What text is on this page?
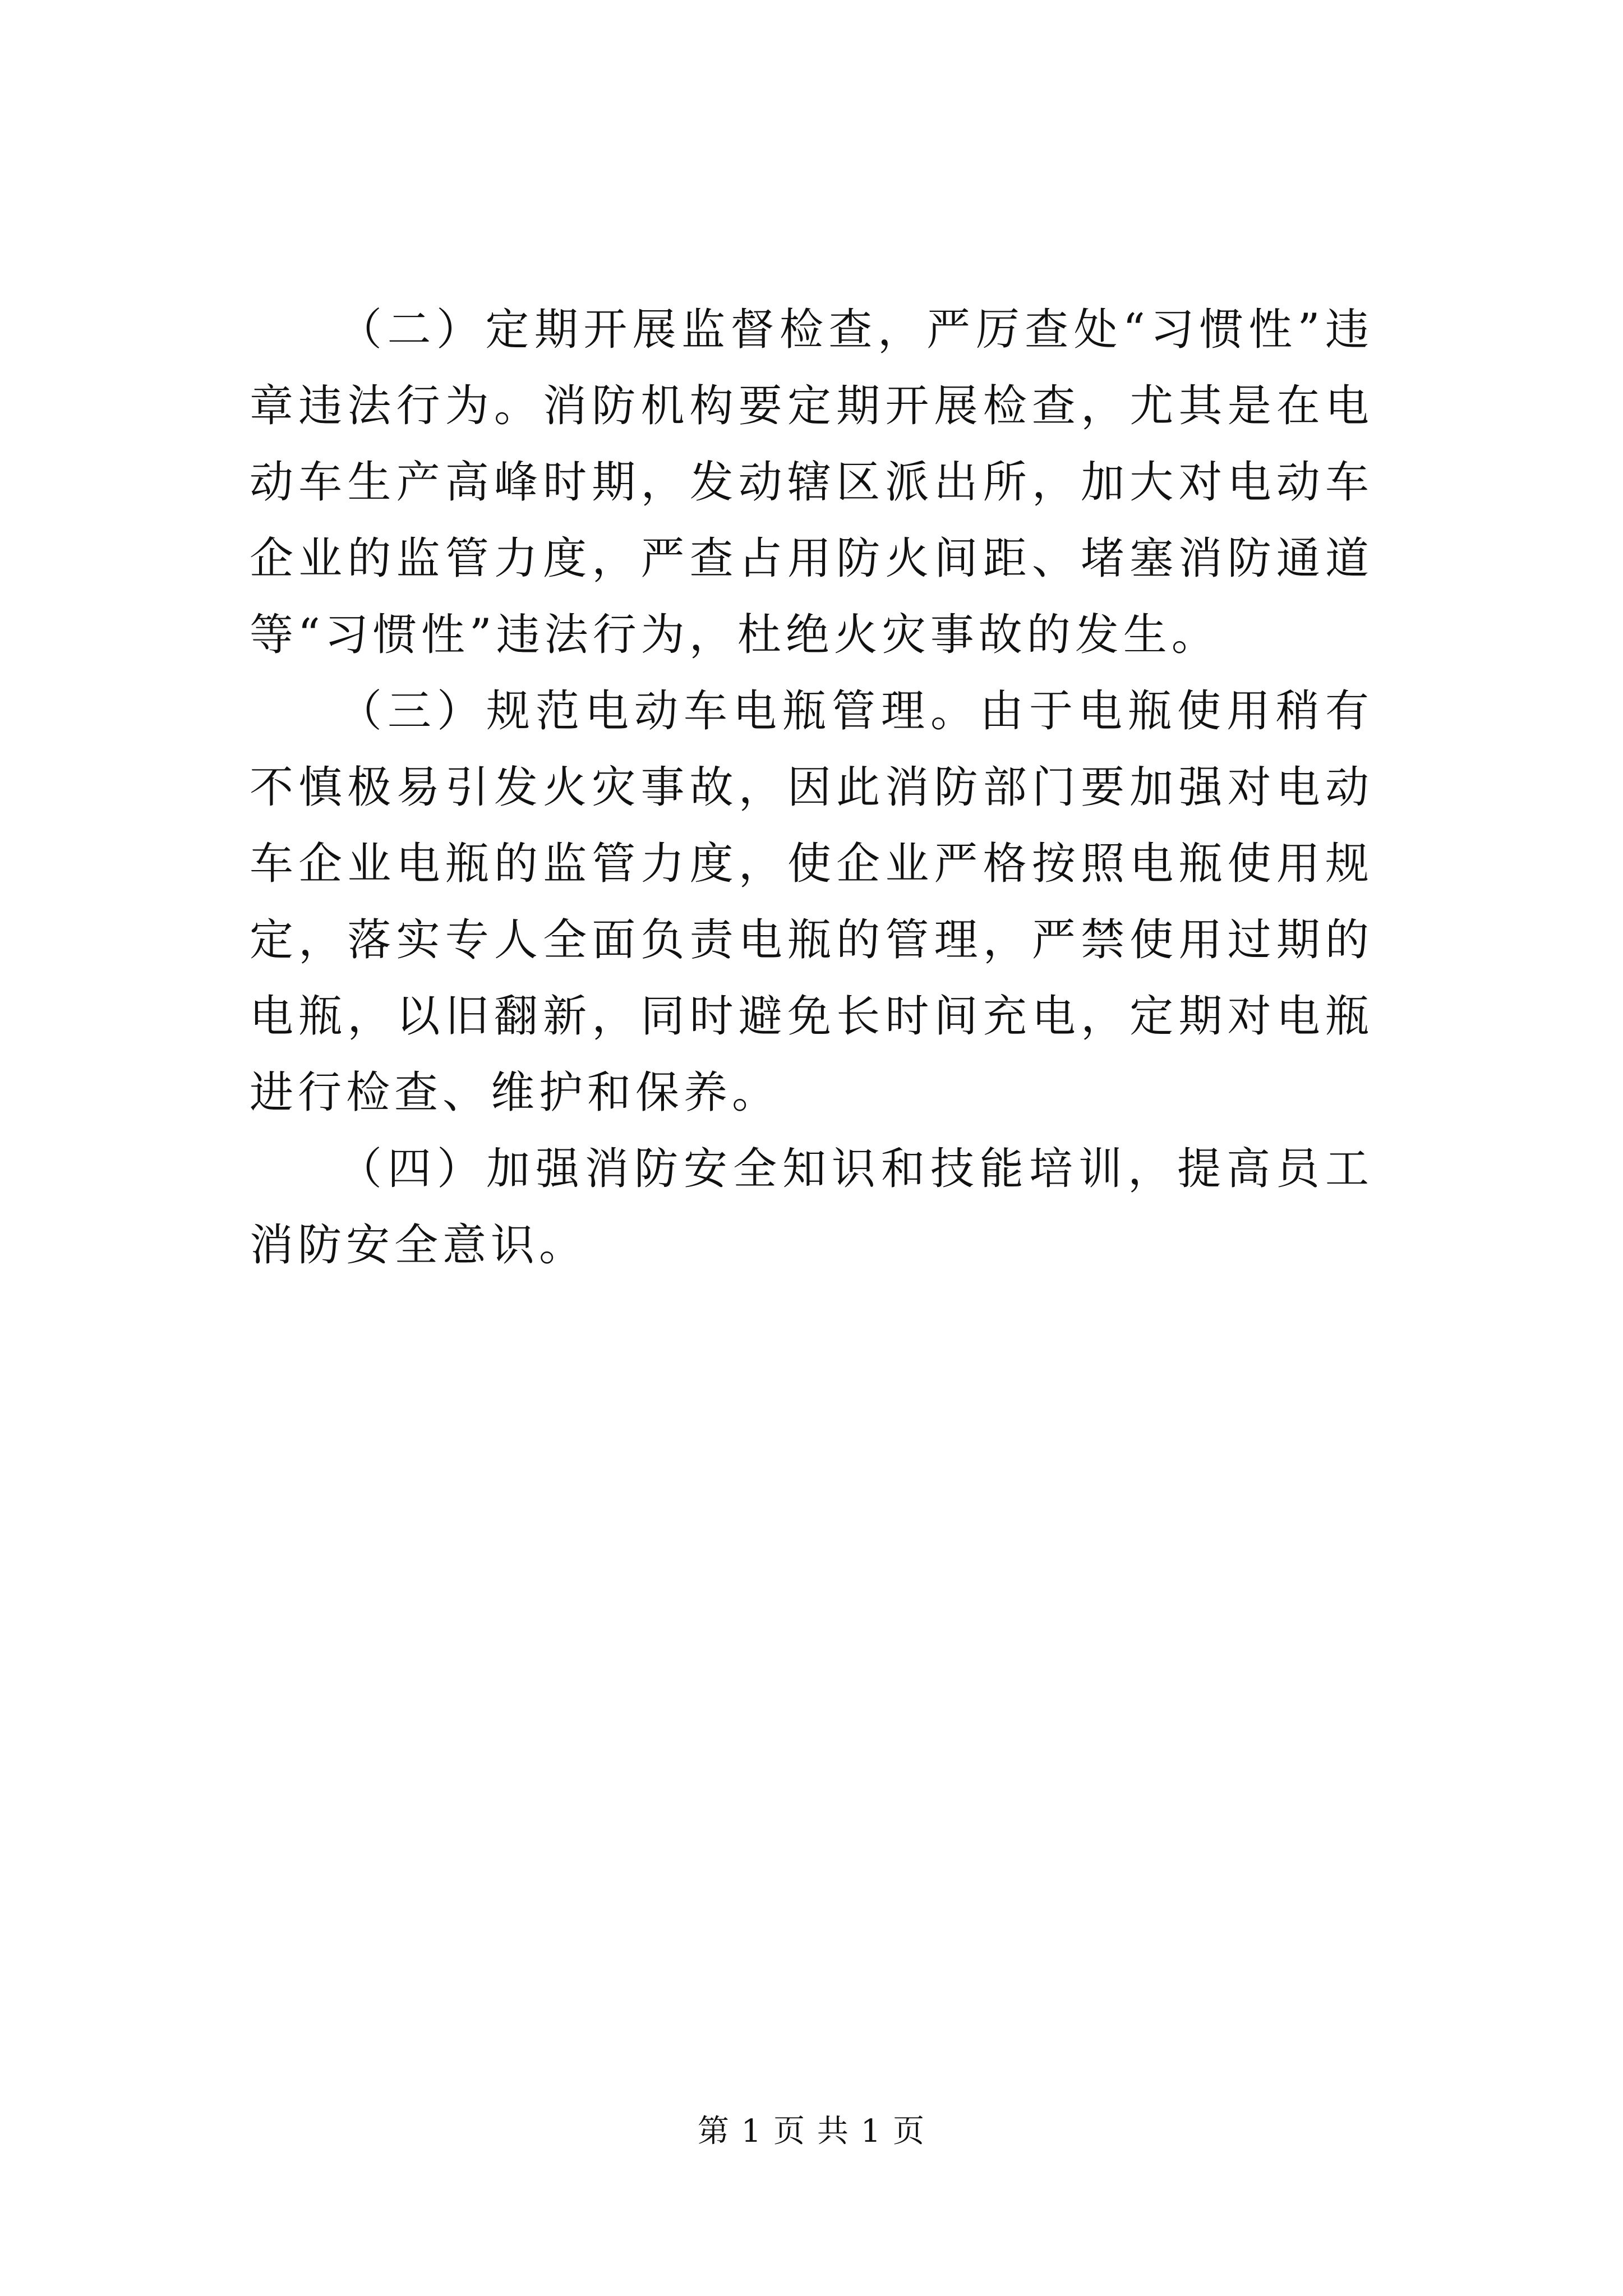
（二）定期开展监督检查，严厉查处“习惯性”违章违法行为。消防机构要定期开展检查，尤其是在电动车生产高峰时期，发动辖区派出所，加大对电动车企业的监管力度，严查占用防火间距、堵塞消防通道等“习惯性”违法行为，杜绝火灾事故的发生。

（三）规范电动车电瓶管理。由于电瓶使用稍有不慎极易引发火灾事故，因此消防部门要加强对电动车企业电瓶的监管力度，使企业严格按照电瓶使用规定，落实专人全面负责电瓶的管理，严禁使用过期的电瓶，以旧翻新，同时避免长时间充电，定期对电瓶进行检查、维护和保养。

（四）加强消防安全知识和技能培训，提高员工消防安全意识。

第 1 页 共 1 页
